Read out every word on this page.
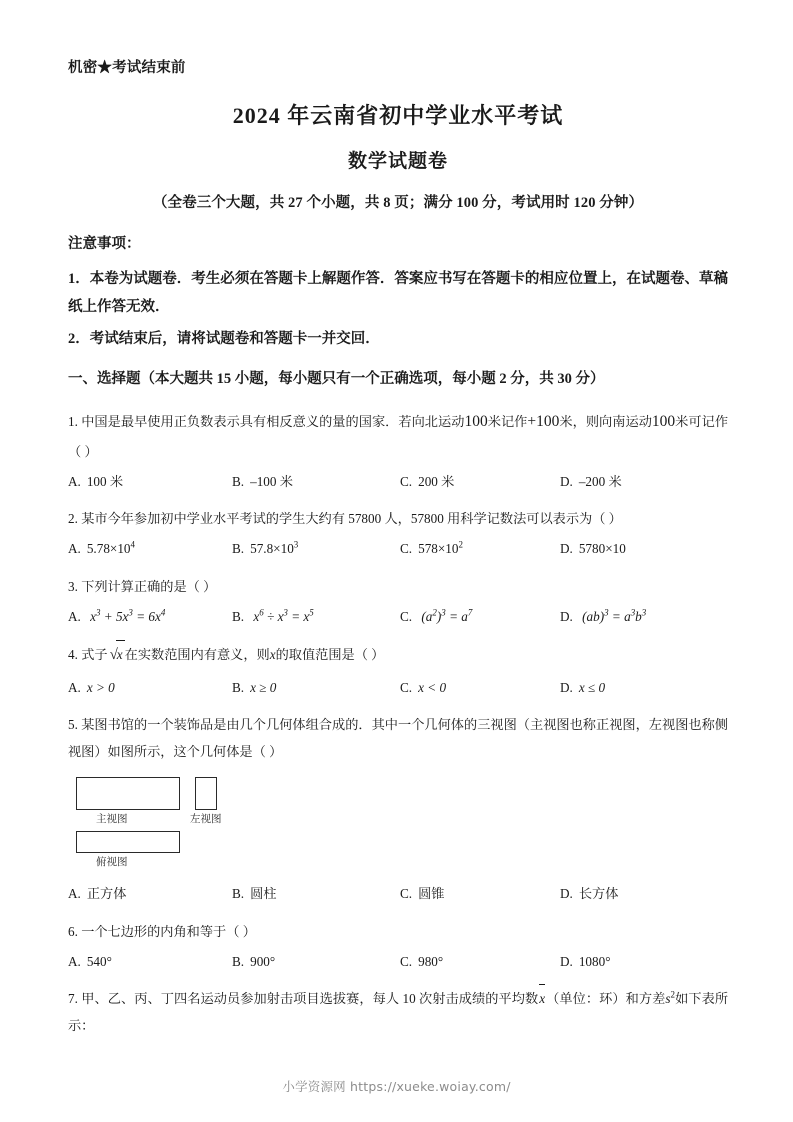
机密★考试结束前
2024 年云南省初中学业水平考试
数学试题卷
（全卷三个大题，共 27 个小题，共 8 页；满分 100 分，考试用时 120 分钟）
注意事项：

1．本卷为试题卷．考生必须在答题卡上解题作答．答案应书写在答题卡的相应位置上，在试题卷、草稿纸上作答无效．

2．考试结束后，请将试题卷和答题卡一并交回．

一、选择题（本大题共 15 小题，每小题只有一个正确选项，每小题 2 分，共 30 分）
1. 中国是最早使用正负数表示具有相反意义的量的国家．若向北运动100米记作+100米，则向南运动100米可记作（ ）
A. 100 米	B. –100 米	C. 200 米	D. –200 米
2. 某市今年参加初中学业水平考试的学生大约有 57800 人，57800 用科学记数法可以表示为（ ）
A. $5.78\times 10^4$	B. $57.8\times 10^3$	C. $578\times 10^2$	D. 5780×10
3. 下列计算正确的是（ ）
A. $x^3 + 5x^3 = 6x^4$	B. $x^6 \div x^3 = x^5$	C. $(a^2)^3 = a^7$	D. $(ab)^3 = a^3b^3$
4. 式子 √x 在实数范围内有意义，则x的取值范围是（ ）
A. x > 0	B. x ≥ 0	C. x < 0	D. x ≤ 0
5. 某图书馆的一个装饰品是由几个几何体组合成的．其中一个几何体的三视图（主视图也称正视图，左视图也称侧视图）如图所示，这个几何体是（ ）
主视图	左视图
俯视图
A. 正方体	B. 圆柱	C. 圆锥	D. 长方体
6. 一个七边形的内角和等于（ ）
A. 540°	B. 900°	C. 980°	D. 1080°
7. 甲、乙、丙、丁四名运动员参加射击项目选拔赛，每人 10 次射击成绩的平均数x（单位：环）和方差$s^2$如下表所示：
小学资源网 https://xueke.woiay.com/
